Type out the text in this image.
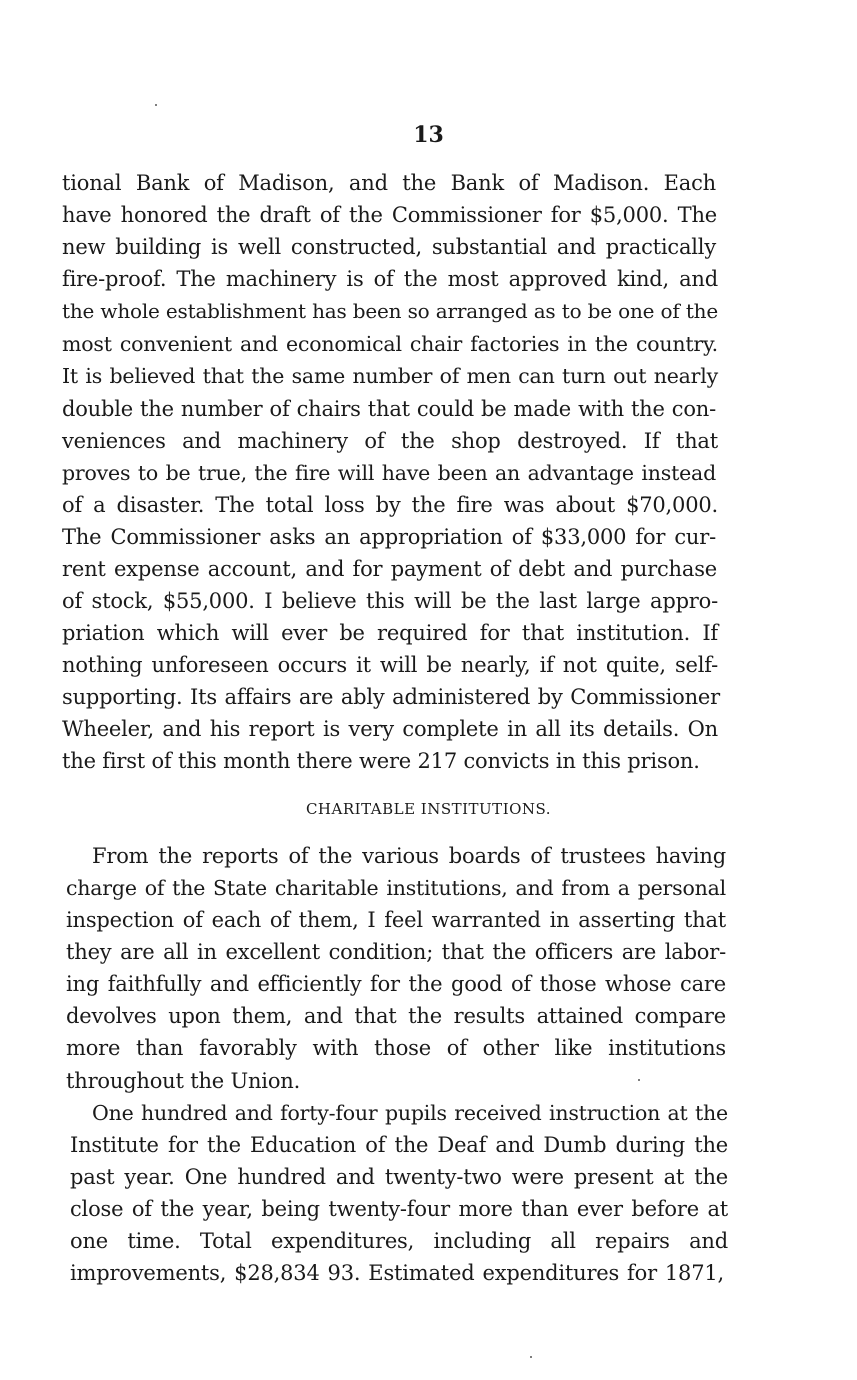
13
tional Bank of Madison, and the Bank of Madison. Each
have honored the draft of the Commissioner for $5,000. The
new building is well constructed, substantial and practically
fire-proof. The machinery is of the most approved kind, and
the whole establishment has been so arranged as to be one of the
most convenient and economical chair factories in the country.
It is believed that the same number of men can turn out nearly
double the number of chairs that could be made with the con-
veniences and machinery of the shop destroyed. If that
proves to be true, the fire will have been an advantage instead
of a disaster. The total loss by the fire was about $70,000.
The Commissioner asks an appropriation of $33,000 for cur-
rent expense account, and for payment of debt and purchase
of stock, $55,000. I believe this will be the last large appro-
priation which will ever be required for that institution. If
nothing unforeseen occurs it will be nearly, if not quite, self-
supporting. Its affairs are ably administered by Commissioner
Wheeler, and his report is very complete in all its details. On
the first of this month there were 217 convicts in this prison.
CHARITABLE INSTITUTIONS.
From the reports of the various boards of trustees having
charge of the State charitable institutions, and from a personal
inspection of each of them, I feel warranted in asserting that
they are all in excellent condition; that the officers are labor-
ing faithfully and efficiently for the good of those whose care
devolves upon them, and that the results attained compare
more than favorably with those of other like institutions
throughout the Union.
One hundred and forty-four pupils received instruction at the
Institute for the Education of the Deaf and Dumb during the
past year. One hundred and twenty-two were present at the
close of the year, being twenty-four more than ever before at
one time. Total expenditures, including all repairs and
improvements, $28,834 93. Estimated expenditures for 1871,
